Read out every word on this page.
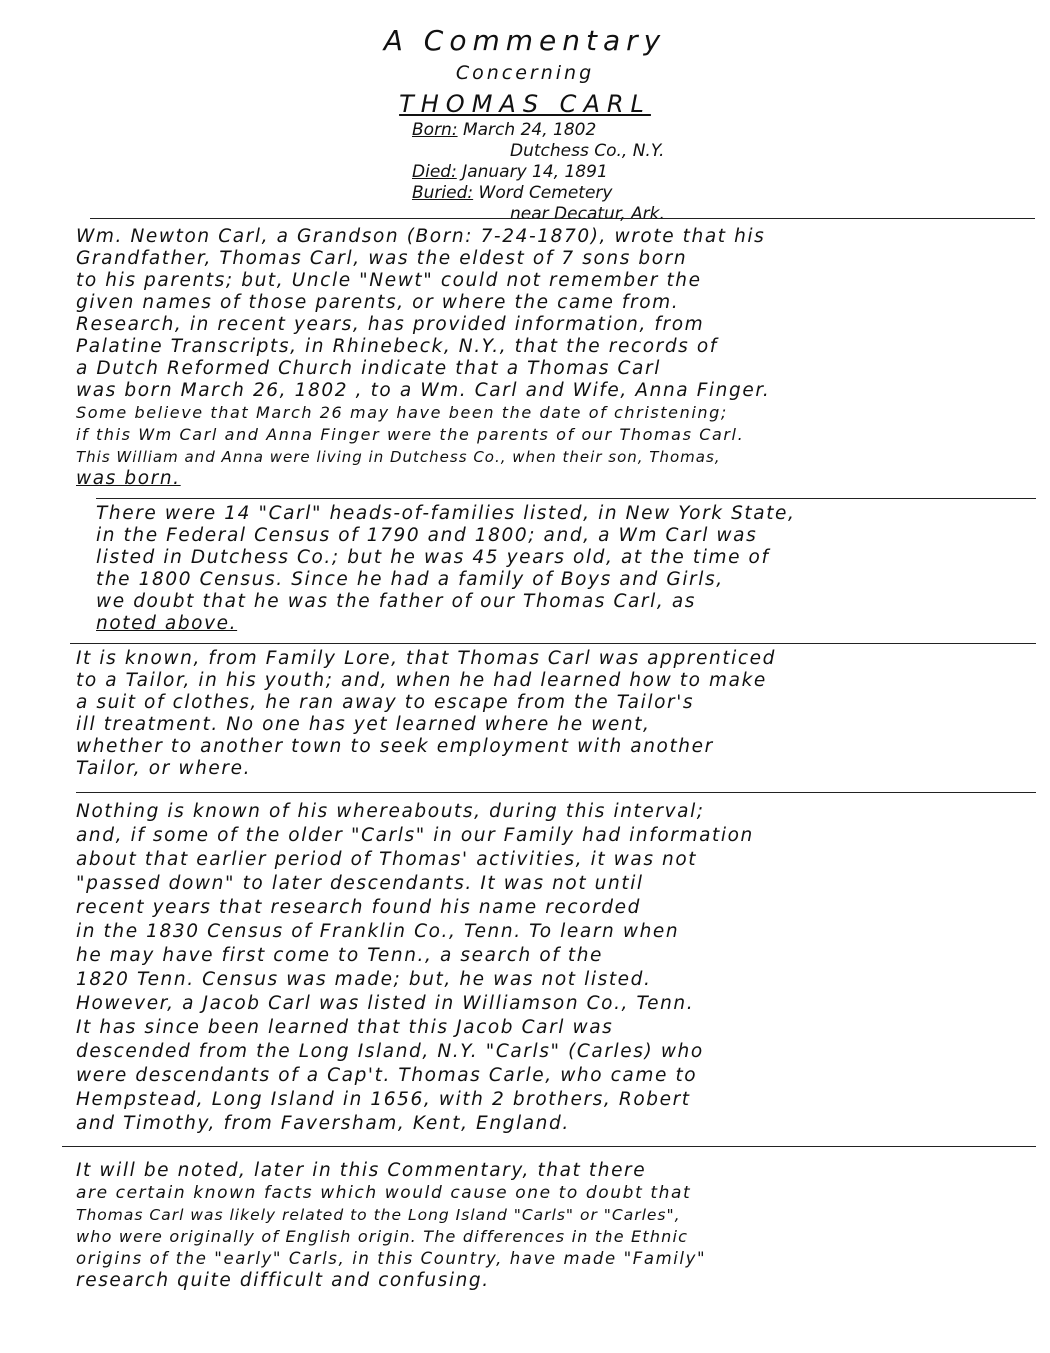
A Commentary
Concerning
THOMAS CARL
Born: March 24, 1802
Dutchess Co., N.Y.
Died: January 14, 1891
Buried: Word Cemetery
near Decatur, Ark.
Wm. Newton Carl, a Grandson (Born: 7-24-1870), wrote that his
Grandfather, Thomas Carl, was the eldest of 7 sons born
to his parents; but, Uncle "Newt" could not remember the
given names of those parents, or where the came from.
Research, in recent years, has provided information, from
Palatine Transcripts, in Rhinebeck, N.Y., that the records of
a Dutch Reformed Church indicate that a Thomas Carl
was born March 26, 1802 , to a Wm. Carl and Wife, Anna Finger.
Some believe that March 26 may have been the date of christening;
if this Wm Carl and Anna Finger were the parents of our Thomas Carl.
This William and Anna were living in Dutchess Co., when their son, Thomas,
was born.
There were 14 "Carl" heads-of-families listed, in New York State,
in the Federal Census of 1790 and 1800; and, a Wm Carl was
listed in Dutchess Co.; but he was 45 years old, at the time of
the 1800 Census. Since he had a family of Boys and Girls,
we doubt that he was the father of our Thomas Carl, as
noted above.
It is known, from Family Lore, that Thomas Carl was apprenticed
to a Tailor, in his youth; and, when he had learned how to make
a suit of clothes, he ran away to escape from the Tailor's
ill treatment. No one has yet learned where he went,
whether to another town to seek employment with another
Tailor, or where.
Nothing is known of his whereabouts, during this interval;
and, if some of the older "Carls" in our Family had information
about that earlier period of Thomas' activities, it was not
"passed down" to later descendants. It was not until
recent years that research found his name recorded
in the 1830 Census of Franklin Co., Tenn. To learn when
he may have first come to Tenn., a search of the
1820 Tenn. Census was made; but, he was not listed.
However, a Jacob Carl was listed in Williamson Co., Tenn.
It has since been learned that this Jacob Carl was
descended from the Long Island, N.Y. "Carls" (Carles) who
were descendants of a Cap't. Thomas Carle, who came to
Hempstead, Long Island in 1656, with 2 brothers, Robert
and Timothy, from Faversham, Kent, England.
It will be noted, later in this Commentary, that there
are certain known facts which would cause one to doubt that
Thomas Carl was likely related to the Long Island "Carls" or "Carles",
who were originally of English origin. The differences in the Ethnic
origins of the "early" Carls, in this Country, have made "Family"
research quite difficult and confusing.
